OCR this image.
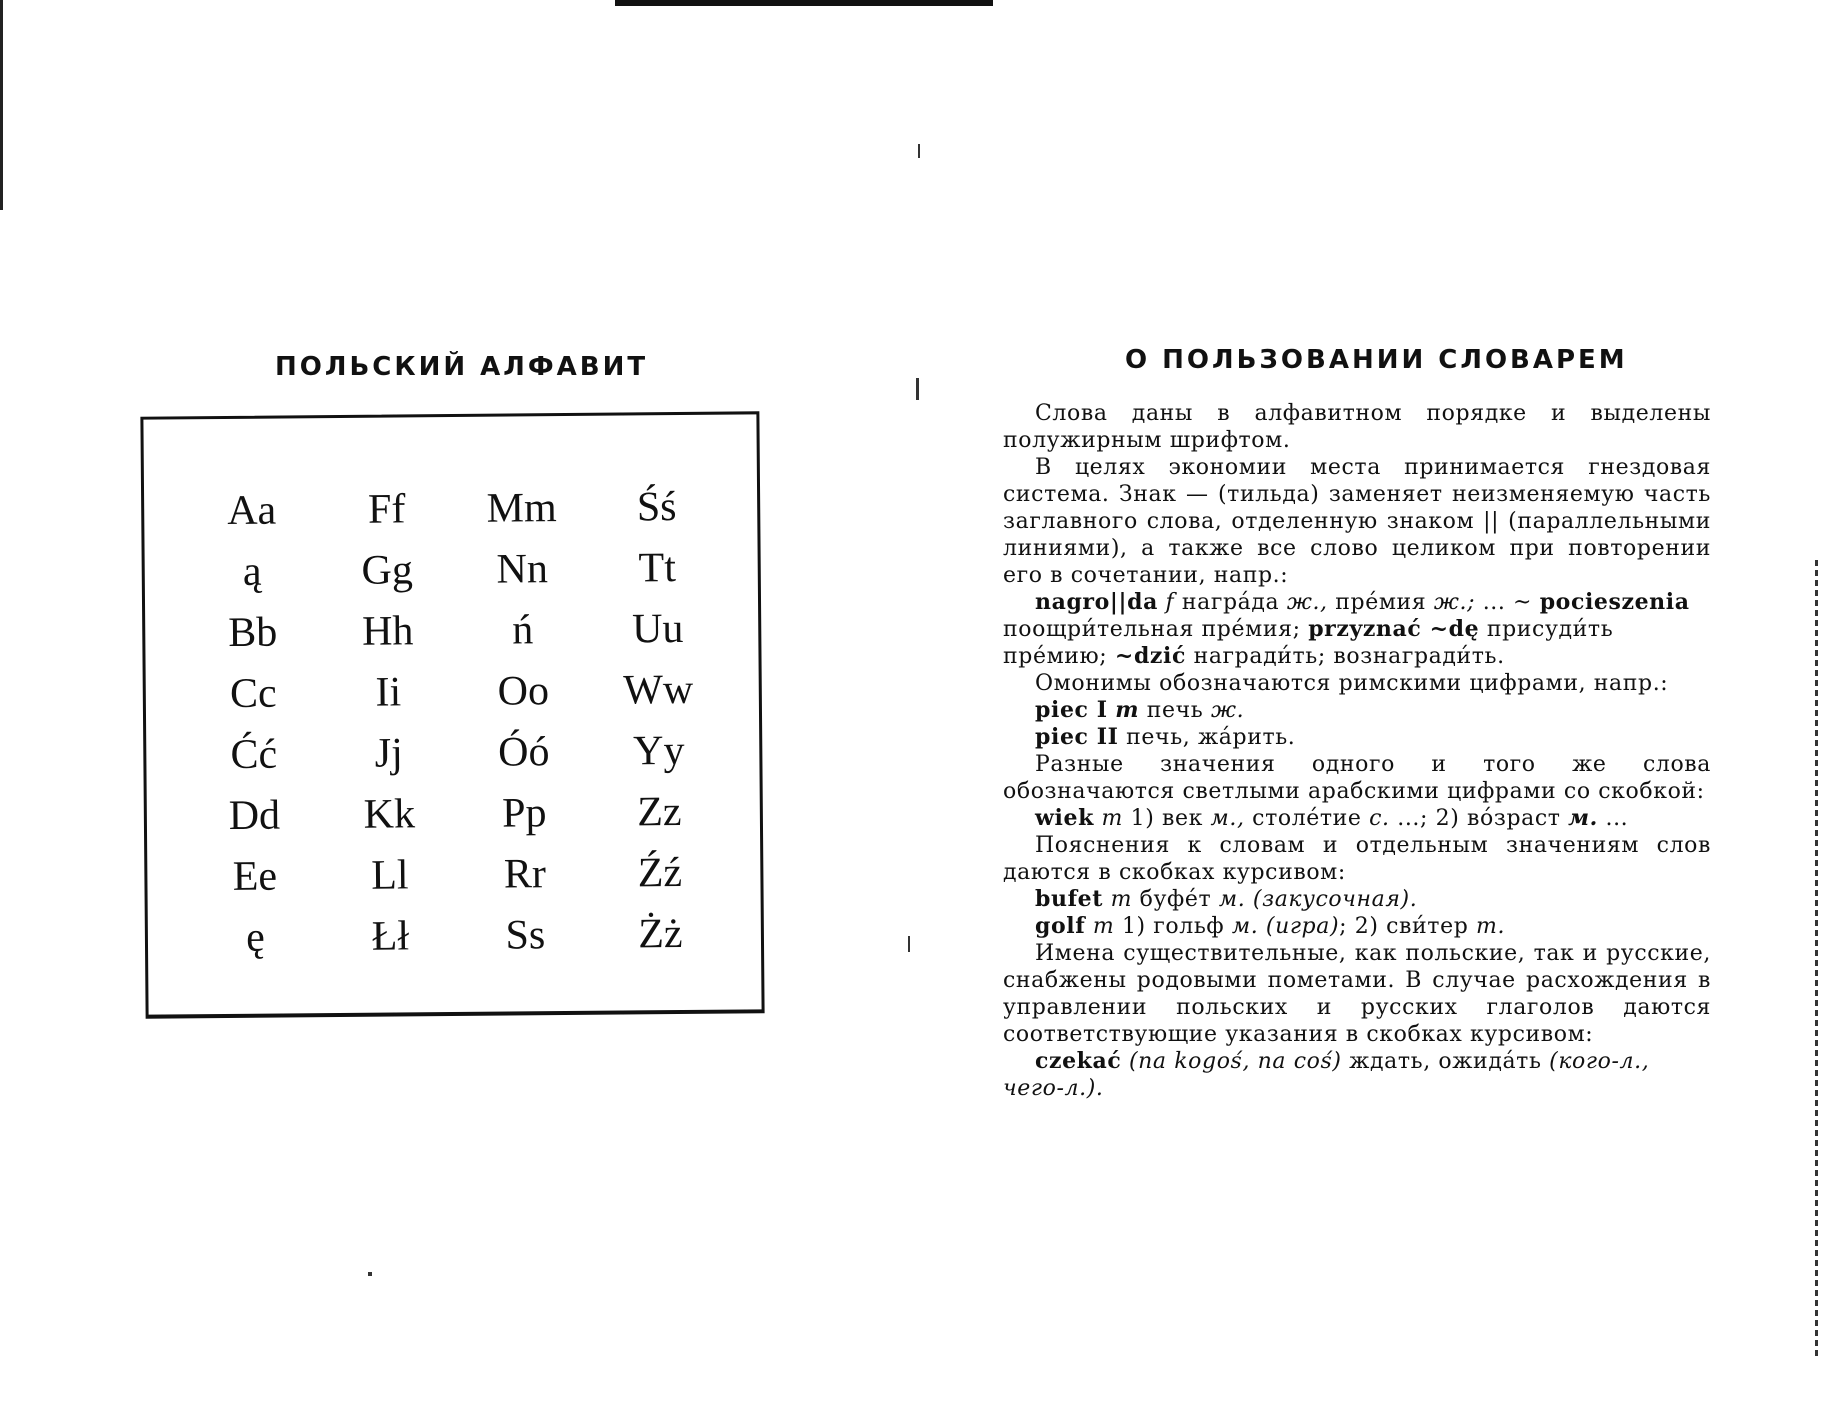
ПОЛЬСКИЙ АЛФАВИТ
Aa	Ff	Mm	Śś
ą	Gg	Nn	Tt
Bb	Hh	ń	Uu
Cc	Ii	Oo	Ww
Ćć	Jj	Óó	Yy
Dd	Kk	Pp	Zz
Ee	Ll	Rr	Źź
ę	Łł	Ss	Żż
О ПОЛЬЗОВАНИИ СЛОВАРЕМ

Слова даны в алфавитном порядке и выделены полужирным шрифтом.

В целях экономии места принимается гнездовая система. Знак — (тильда) заменяет неизменяемую часть заглавного слова, отделенную знаком || (параллельными линиями), а также все слово целиком при повторении его в сочетании, напр.:

nagro||da f награ́да ж., пре́мия ж.; ... ~ pocieszenia поощри́тельная пре́мия; przyznać ~dę присуди́ть пре́мию; ~dzić награди́ть; вознагради́ть.

Омонимы обозначаются римскими цифрами, напр.:

piec I m печь ж.

piec II печь, жа́рить.

Разные значения одного и того же слова обозначаются светлыми арабскими цифрами со скобкой:

wiek m 1) век м., столе́тие с. ...; 2) во́зраст м. ...

Пояснения к словам и отдельным значениям слов даются в скобках курсивом:

bufet m буфе́т м. (закусочная).

golf m 1) гольф м. (игра); 2) сви́тер m.

Имена существительные, как польские, так и русские, снабжены родовыми пометами. В случае расхождения в управлении польских и русских глаголов даются соответствующие указания в скобках курсивом:

czekać (na kogoś, na coś) ждать, ожида́ть (кого-л., чего-л.).
